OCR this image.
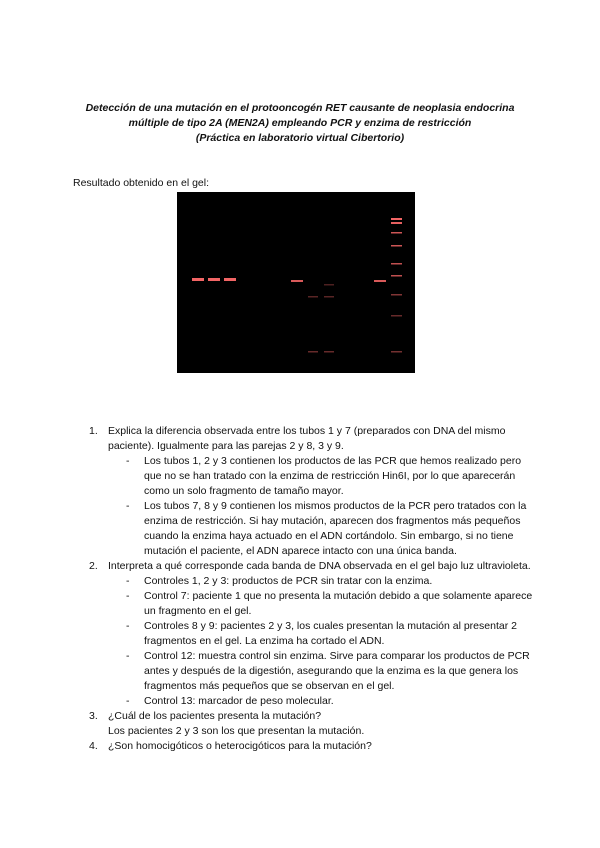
Detección de una mutación en el protooncogén RET causante de neoplasia endocrina
múltiple de tipo 2A (MEN2A) empleando PCR y enzima de restricción
(Práctica en laboratorio virtual Cibertorio)

Resultado obtenido en el gel:

1. Explica la diferencia observada entre los tubos 1 y 7 (preparados con DNA del mismo paciente). Igualmente para las parejas 2 y 8, 3 y 9.
- Los tubos 1, 2 y 3 contienen los productos de las PCR que hemos realizado pero que no se han tratado con la enzima de restricción Hin6I, por lo que aparecerán como un solo fragmento de tamaño mayor.
- Los tubos 7, 8 y 9 contienen los mismos productos de la PCR pero tratados con la enzima de restricción. Si hay mutación, aparecen dos fragmentos más pequeños cuando la enzima haya actuado en el ADN cortándolo. Sin embargo, si no tiene mutación el paciente, el ADN aparece intacto con una única banda.
2. Interpreta a qué corresponde cada banda de DNA observada en el gel bajo luz ultravioleta.
- Controles 1, 2 y 3: productos de PCR sin tratar con la enzima.
- Control 7: paciente 1 que no presenta la mutación debido a que solamente aparece un fragmento en el gel.
- Controles 8 y 9: pacientes 2 y 3, los cuales presentan la mutación al presentar 2 fragmentos en el gel. La enzima ha cortado el ADN.
- Control 12: muestra control sin enzima. Sirve para comparar los productos de PCR antes y después de la digestión, asegurando que la enzima es la que genera los fragmentos más pequeños que se observan en el gel.
- Control 13: marcador de peso molecular.
3. ¿Cuál de los pacientes presenta la mutación?
Los pacientes 2 y 3 son los que presentan la mutación.
4. ¿Son homocigóticos o heterocigóticos para la mutación?
